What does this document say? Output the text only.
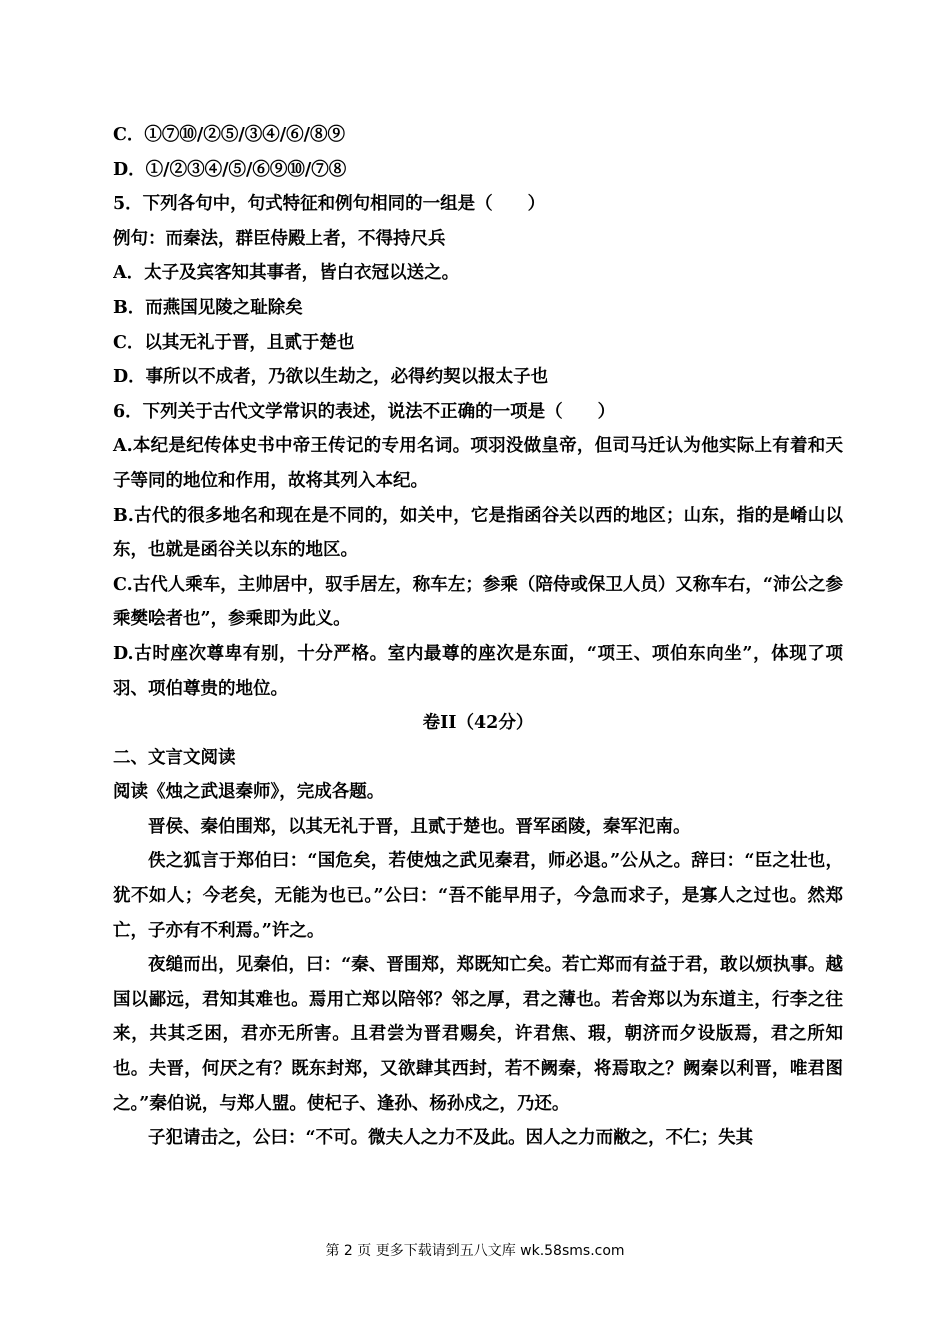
C．①⑦⑩/②⑤/③④/⑥/⑧⑨
D．①/②③④/⑤/⑥⑨⑩/⑦⑧
5．下列各句中，句式特征和例句相同的一组是（　　）
例句：而秦法，群臣侍殿上者，不得持尺兵
A．太子及宾客知其事者，皆白衣冠以送之。
B．而燕国见陵之耻除矣
C．以其无礼于晋，且贰于楚也
D．事所以不成者，乃欲以生劫之，必得约契以报太子也
6．下列关于古代文学常识的表述，说法不正确的一项是（　　）
A.本纪是纪传体史书中帝王传记的专用名词。项羽没做皇帝，但司马迁认为他实际上有着和天子等同的地位和作用，故将其列入本纪。
B.古代的很多地名和现在是不同的，如关中，它是指函谷关以西的地区；山东，指的是崤山以东，也就是函谷关以东的地区。
C.古代人乘车，主帅居中，驭手居左，称车左；参乘（陪侍或保卫人员）又称车右，“沛公之参乘樊哙者也”，参乘即为此义。
D.古时座次尊卑有别，十分严格。室内最尊的座次是东面，“项王、项伯东向坐”，体现了项羽、项伯尊贵的地位。
卷II（42分）
二、文言文阅读
阅读《烛之武退秦师》，完成各题。
晋侯、秦伯围郑，以其无礼于晋，且贰于楚也。晋军函陵，秦军氾南。
佚之狐言于郑伯曰：“国危矣，若使烛之武见秦君，师必退。”公从之。辞曰：“臣之壮也，犹不如人；今老矣，无能为也已。”公曰：“吾不能早用子，今急而求子，是寡人之过也。然郑亡，子亦有不利焉。”许之。
夜缒而出，见秦伯，曰：“秦、晋围郑，郑既知亡矣。若亡郑而有益于君，敢以烦执事。越国以鄙远，君知其难也。焉用亡郑以陪邻？邻之厚，君之薄也。若舍郑以为东道主，行李之往来，共其乏困，君亦无所害。且君尝为晋君赐矣，许君焦、瑕，朝济而夕设版焉，君之所知也。夫晋，何厌之有？既东封郑，又欲肆其西封，若不阙秦，将焉取之？阙秦以利晋，唯君图之。”秦伯说，与郑人盟。使杞子、逢孙、杨孙戍之，乃还。
子犯请击之，公曰：“不可。微夫人之力不及此。因人之力而敝之，不仁；失其
第 2 页 更多下载请到五八文库 wk.58sms.com
